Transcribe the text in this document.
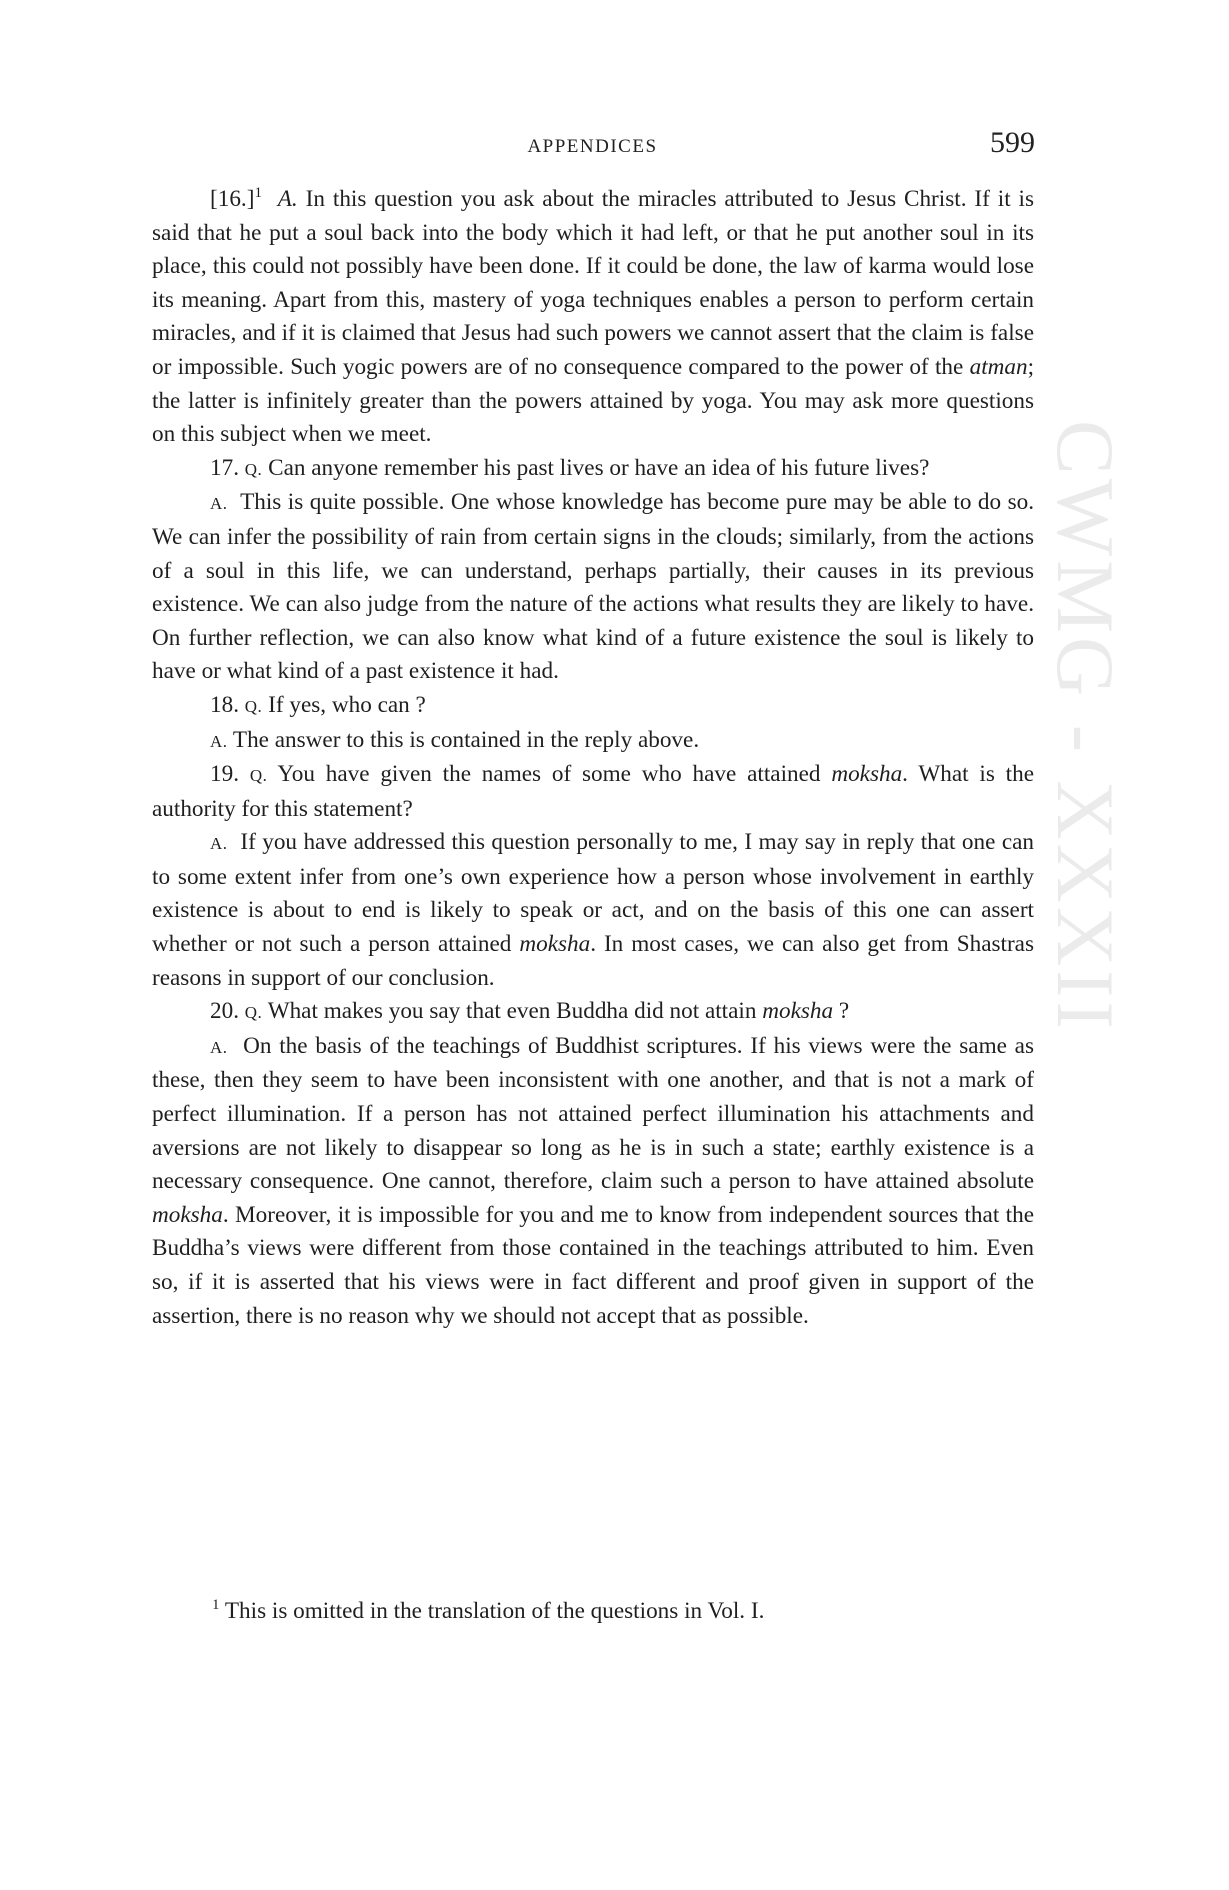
CWMG - XXXII
APPENDICES	599

$[16.]^1$ A. In this question you ask about the miracles attributed to Jesus Christ. If it is said that he put a soul back into the body which it had left, or that he put another soul in its place, this could not possibly have been done. If it could be done, the law of karma would lose its meaning. Apart from this, mastery of yoga techniques enables a person to perform certain miracles, and if it is claimed that Jesus had such powers we cannot assert that the claim is false or impossible. Such yogic powers are of no consequence compared to the power of the atman; the latter is infinitely greater than the powers attained by yoga. You may ask more questions on this subject when we meet.

17. Q. Can anyone remember his past lives or have an idea of his future lives?

A. This is quite possible. One whose knowledge has become pure may be able to do so. We can infer the possibility of rain from certain signs in the clouds; similarly, from the actions of a soul in this life, we can understand, perhaps partially, their causes in its previous existence. We can also judge from the nature of the actions what results they are likely to have. On further reflection, we can also know what kind of a future existence the soul is likely to have or what kind of a past existence it had.

18. Q. If yes, who can ?

A. The answer to this is contained in the reply above.

19. Q. You have given the names of some who have attained moksha. What is the authority for this statement?

A. If you have addressed this question personally to me, I may say in reply that one can to some extent infer from one’s own experience how a person whose involvement in earthly existence is about to end is likely to speak or act, and on the basis of this one can assert whether or not such a person attained moksha. In most cases, we can also get from Shastras reasons in support of our conclusion.

20. Q. What makes you say that even Buddha did not attain moksha ?

A. On the basis of the teachings of Buddhist scriptures. If his views were the same as these, then they seem to have been inconsistent with one another, and that is not a mark of perfect illumination. If a person has not attained perfect illumination his attachments and aversions are not likely to disappear so long as he is in such a state; earthly existence is a necessary consequence. One cannot, therefore, claim such a person to have attained absolute moksha. Moreover, it is impossible for you and me to know from independent sources that the Buddha’s views were different from those contained in the teachings attributed to him. Even so, if it is asserted that his views were in fact different and proof given in support of the assertion, there is no reason why we should not accept that as possible.

$^1$ This is omitted in the translation of the questions in Vol. I.
